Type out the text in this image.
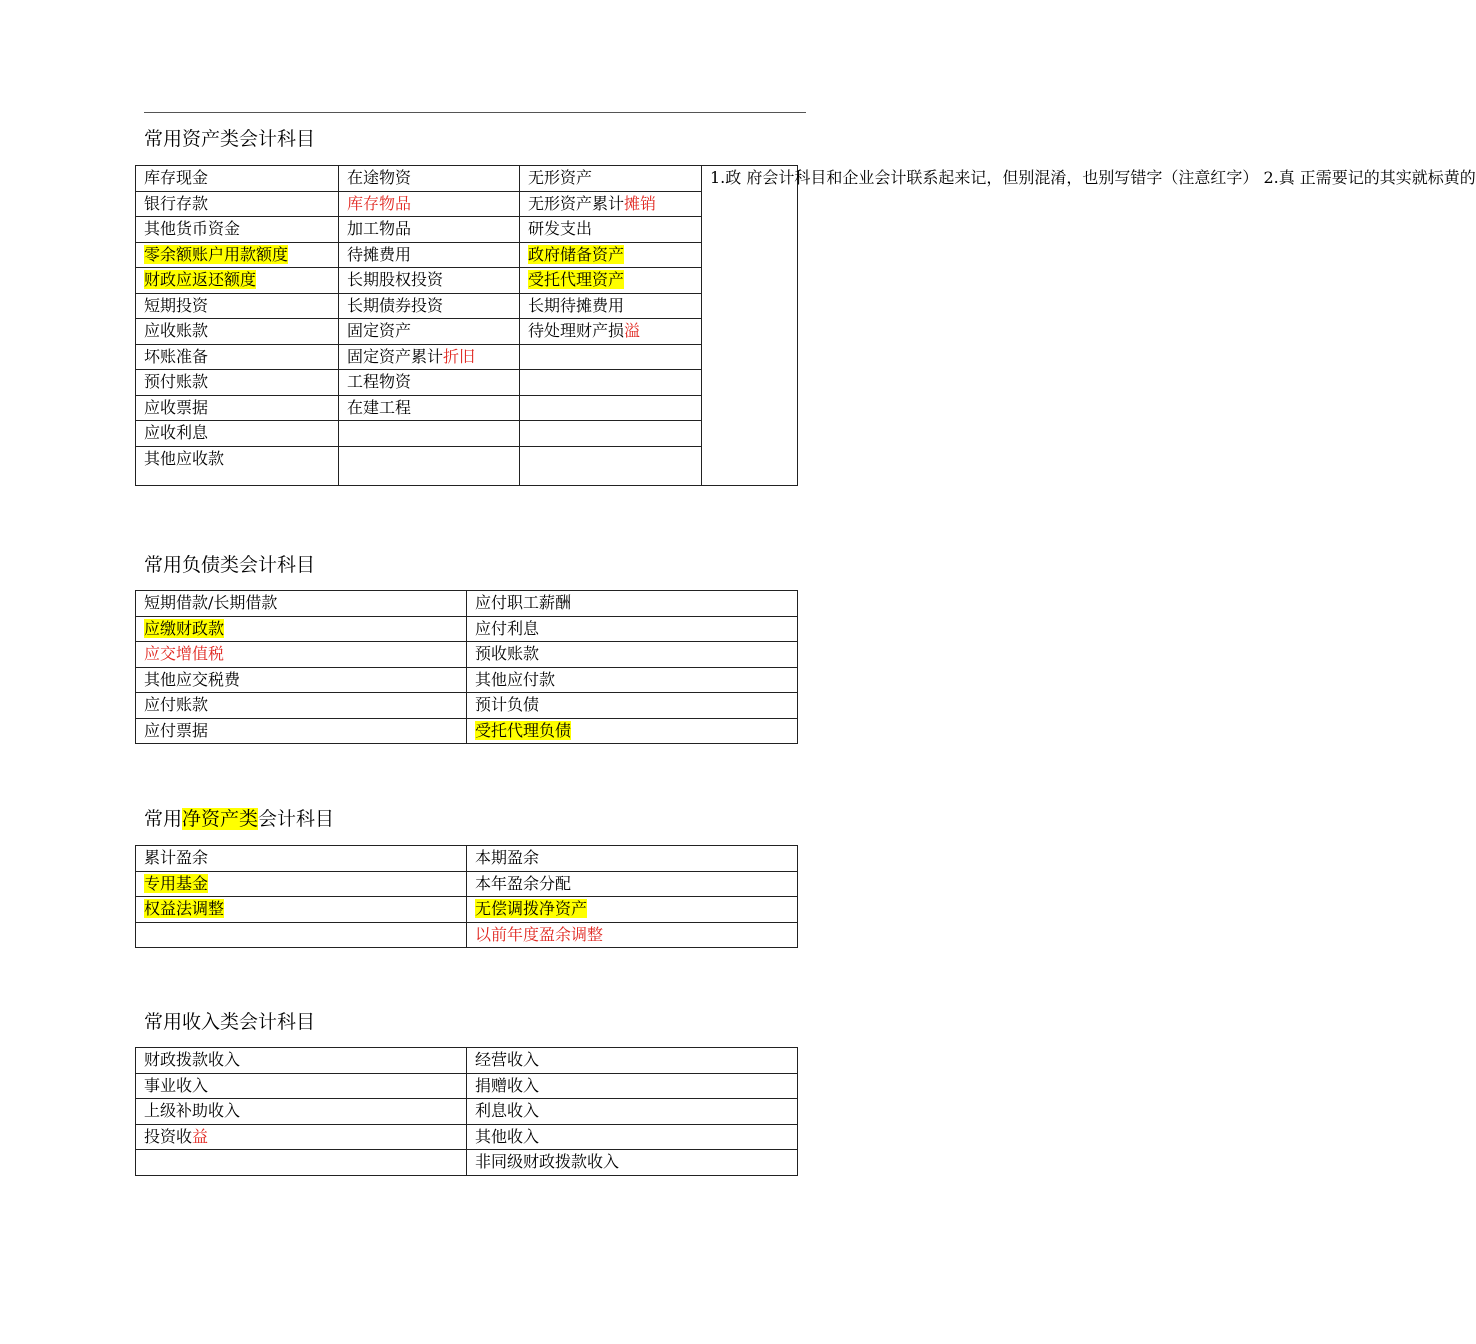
常用资产类会计科目
库存现金	在途物资	无形资产	1.政 府会计科目和企业会计联系起来记，但别混淆，也别写错字（注意红字） 2.真 正需要记的其实就标黄的
银行存款	库存物品	无形资产累计摊销	
其他货币资金	加工物品	研发支出	
零余额账户用款额度	待摊费用	政府储备资产	
财政应返还额度	长期股权投资	受托代理资产	
短期投资	长期债券投资	长期待摊费用	
应收账款	固定资产	待处理财产损溢	
坏账准备	固定资产累计折旧		
预付账款	工程物资		
应收票据	在建工程		
应收利息			
其他应收款			
常用负债类会计科目
短期借款/长期借款	应付职工薪酬
应缴财政款	应付利息
应交增值税	预收账款
其他应交税费	其他应付款
应付账款	预计负债
应付票据	受托代理负债
常用净资产类会计科目
累计盈余	本期盈余
专用基金	本年盈余分配
权益法调整	无偿调拨净资产
	以前年度盈余调整
常用收入类会计科目
财政拨款收入	经营收入
事业收入	捐赠收入
上级补助收入	利息收入
投资收益	其他收入
	非同级财政拨款收入
